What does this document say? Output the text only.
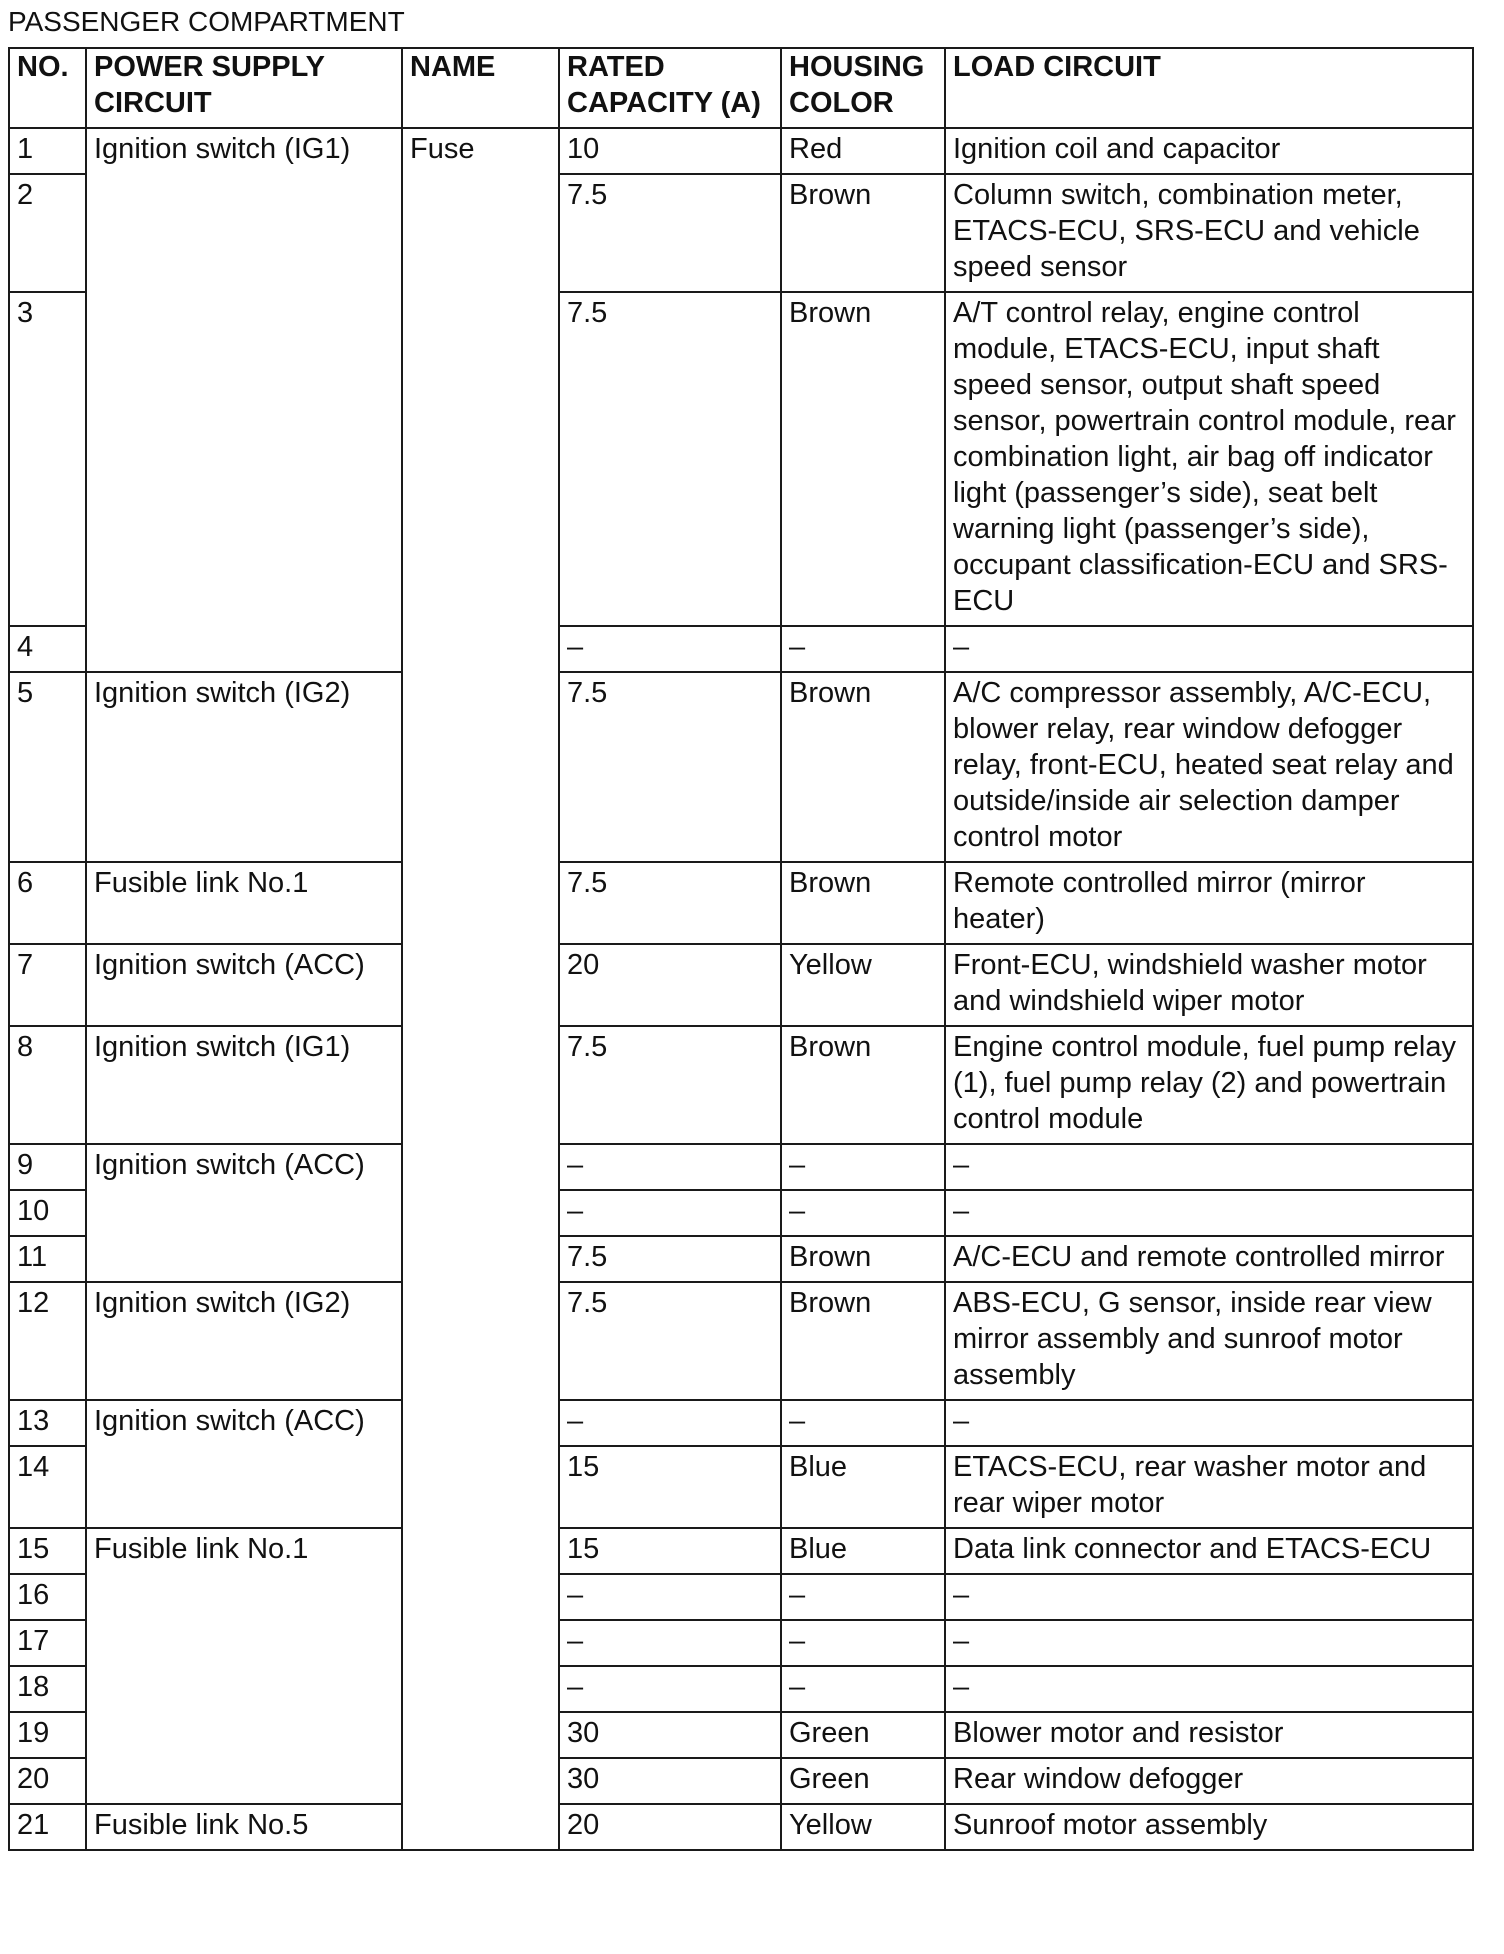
PASSENGER COMPARTMENT
NO.	POWER SUPPLY CIRCUIT	NAME	RATED CAPACITY (A)	HOUSING COLOR	LOAD CIRCUIT
1	Ignition switch (IG1)	Fuse	10	Red	Ignition coil and capacitor
2			7.5	Brown	Column switch, combination meter, ETACS-ECU, SRS-ECU and vehicle speed sensor
3			7.5	Brown	A/T control relay, engine control module, ETACS-ECU, input shaft speed sensor, output shaft speed sensor, powertrain control module, rear combination light, air bag off indicator light (passenger’s side), seat belt warning light (passenger’s side), occupant classification-ECU and SRS-ECU
4			–	–	–
5	Ignition switch (IG2)		7.5	Brown	A/C compressor assembly, A/C-ECU, blower relay, rear window defogger relay, front-ECU, heated seat relay and outside/inside air selection damper control motor
6	Fusible link No.1		7.5	Brown	Remote controlled mirror (mirror heater)
7	Ignition switch (ACC)		20	Yellow	Front-ECU, windshield washer motor and windshield wiper motor
8	Ignition switch (IG1)		7.5	Brown	Engine control module, fuel pump relay (1), fuel pump relay (2) and powertrain control module
9	Ignition switch (ACC)		–	–	–
10			–	–	–
11			7.5	Brown	A/C-ECU and remote controlled mirror
12	Ignition switch (IG2)		7.5	Brown	ABS-ECU, G sensor, inside rear view mirror assembly and sunroof motor assembly
13	Ignition switch (ACC)		–	–	–
14			15	Blue	ETACS-ECU, rear washer motor and rear wiper motor
15	Fusible link No.1		15	Blue	Data link connector and ETACS-ECU
16			–	–	–
17			–	–	–
18			–	–	–
19			30	Green	Blower motor and resistor
20			30	Green	Rear window defogger
21	Fusible link No.5		20	Yellow	Sunroof motor assembly
